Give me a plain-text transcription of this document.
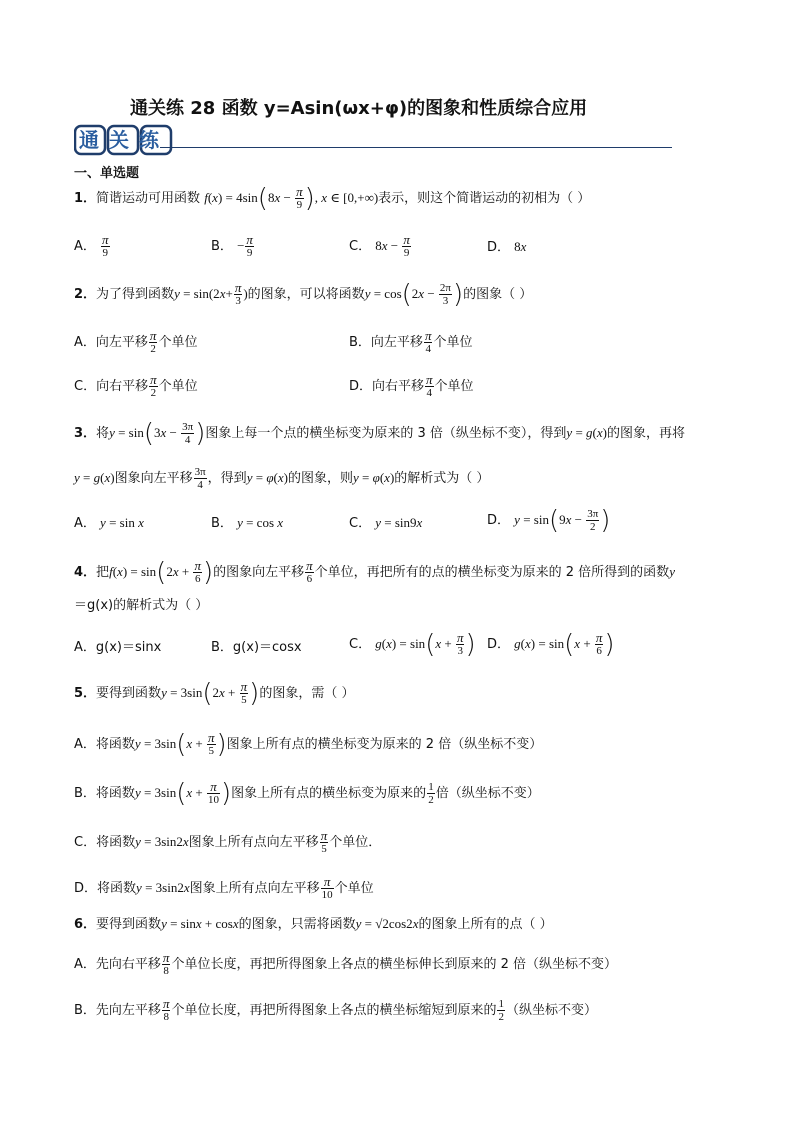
通关练 28 函数 y=Asin(ωx+φ)的图象和性质综合应用
通关练
一、单选题
1．简谐运动可用函数 $f(x) = 4\sin(8x - \frac{\pi}{9}$ ), x ∈ [0,+∞)表示，则这个简谐运动的初相为（ ）
A． $\frac{\pi}{9}$	B． − $\frac{\pi}{9}$	C． $8x - \frac{\pi}{9}$	D． 8x
2．为了得到函数$y = \sin(2x+ \frac{\pi}{3}$ )的图象，可以将函数$y = \cos(2x - \frac{2\pi}{3}$ )的图象（ ）
A．向左平移 $\frac{\pi}{2}$ 个单位	B．向左平移 $\frac{\pi}{4}$ 个单位
C．向右平移 $\frac{\pi}{2}$ 个单位	D．向右平移 $\frac{\pi}{4}$ 个单位
3．将$y = \sin(3x - \frac{3\pi}{4}$ )图象上每一个点的横坐标变为原来的 3 倍（纵坐标不变），得到y = g(x)的图象，再将
y = g(x)图象向左平移 $\frac{3\pi}{4}$ ，得到y = φ(x)的图象，则y = φ(x)的解析式为（ ）
A． y = sin x	B． y = cos x	C． y = sin9x	D． $y = \sin(9x - \frac{3\pi}{2}$ )
4．把$f(x) = \sin(2x + \frac{\pi}{6}$ )的图象向左平移 $\frac{\pi}{6}$ 个单位，再把所有的点的横坐标变为原来的 2 倍所得到的函数y
＝g(x)的解析式为（ ）
A．g(x)＝sinx	B．g(x)＝cosx	C． $g(x) = \sin(x + \frac{\pi}{3}$ ) D． $g(x) = \sin(x + \frac{\pi}{6}$ )
5．要得到函数$y = 3\sin(2x + \frac{\pi}{5}$ )的图象，需（ ）
A．将函数$y = 3\sin(x + \frac{\pi}{5}$ )图象上所有点的横坐标变为原来的 2 倍（纵坐标不变）
B．将函数$y = 3\sin(x + \frac{\pi}{10}$ )图象上所有点的横坐标变为原来的 $\frac{1}{2}$ 倍（纵坐标不变）
C．将函数y = 3sin2x图象上所有点向左平移 $\frac{\pi}{5}$ 个单位．
D．将函数y = 3sin2x图象上所有点向左平移 $\frac{\pi}{10}$ 个单位
6．要得到函数y = sinx + cosx的图象，只需将函数y = √2cos2x的图象上所有的点（ ）
A．先向右平移 $\frac{\pi}{8}$ 个单位长度，再把所得图象上各点的横坐标伸长到原来的 2 倍（纵坐标不变）
B．先向左平移 $\frac{\pi}{8}$ 个单位长度，再把所得图象上各点的横坐标缩短到原来的 $\frac{1}{2}$ （纵坐标不变）
